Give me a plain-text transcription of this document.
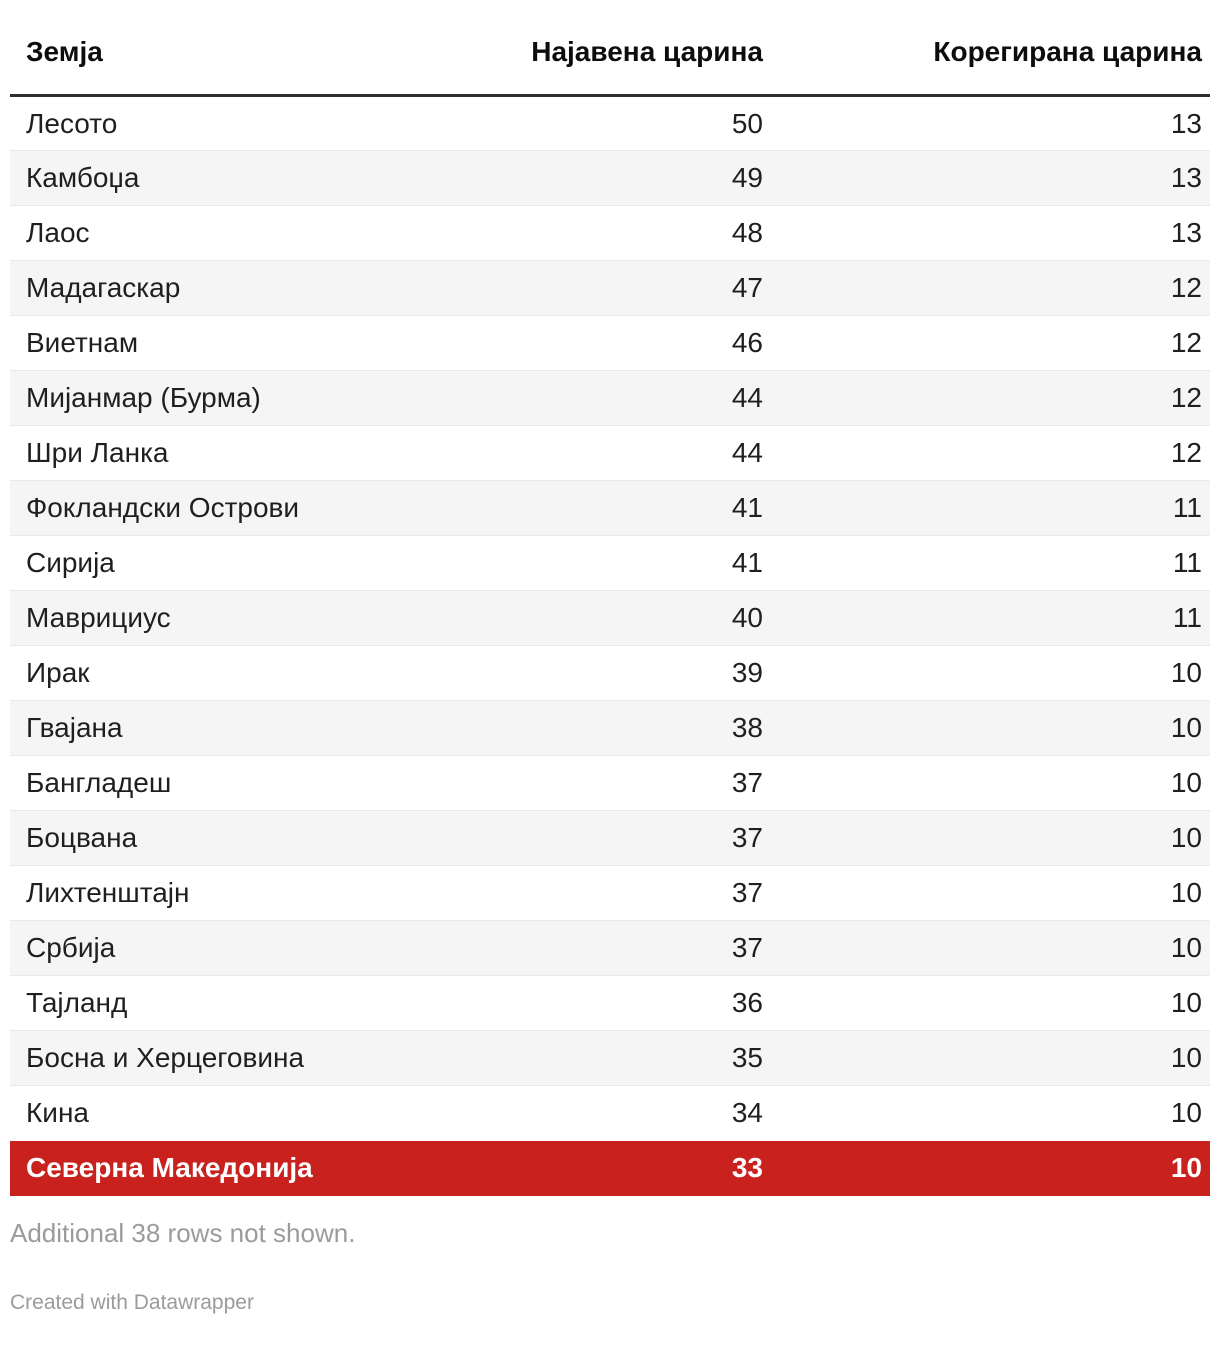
Земја	Најавена царина	Корегирана царина
Лесото	50	13
Камбоџа	49	13
Лаос	48	13
Мадагаскар	47	12
Виетнам	46	12
Мијанмар (Бурма)	44	12
Шри Ланка	44	12
Фокландски Острови	41	11
Сирија	41	11
Маврициус	40	11
Ирак	39	10
Гвајана	38	10
Бангладеш	37	10
Боцвана	37	10
Лихтенштајн	37	10
Србија	37	10
Тајланд	36	10
Босна и Херцеговина	35	10
Кина	34	10
Северна Македонија	33	10
Additional 38 rows not shown.
Created with Datawrapper
